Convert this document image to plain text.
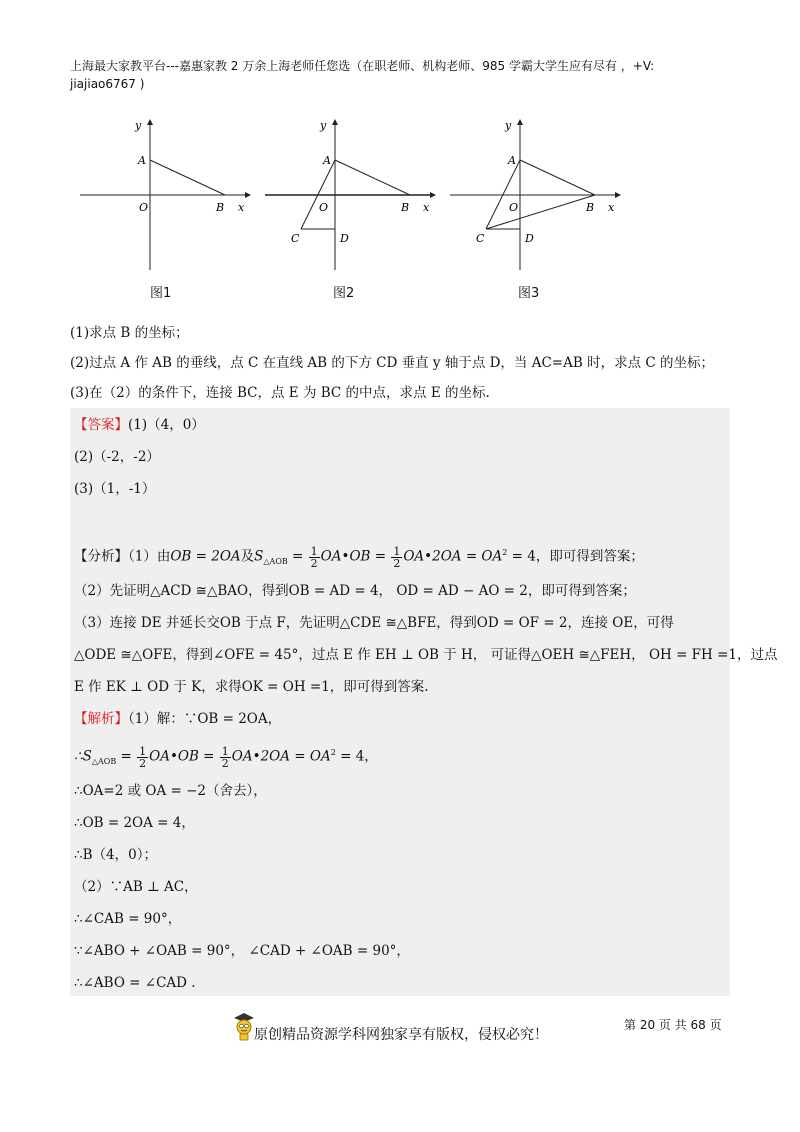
上海最大家教平台---嘉惠家教 2 万余上海老师任您选（在职老师、机构老师、985 学霸大学生应有尽有 ，+V:
jiajiao6767 )
y
x
A
O	B
图1
y
x
A
O	B
C	D
图2
y
x
A
O	B
C	D
图3
(1)求点 B 的坐标；
(2)过点 A 作 AB 的垂线，点 C 在直线 AB 的下方 CD 垂直 y 轴于点 D，当 AC=AB 时，求点 C 的坐标；
(3)在（2）的条件下，连接 BC，点 E 为 BC 的中点，求点 E 的坐标.
【答案】(1)（4，0）
(2)（-2，-2）
(3)（1，-1）
【分析】（1）由OB = 2OA及$S_{\triangle AOB} = \frac{1}{2}$ OA•OB = $\frac{1}{2}$ OA•2OA = $OA^2 = 4$，即可得到答案；
（2）先证明△ACD ≅△BAO，得到OB = AD = 4， OD = AD − AO = 2，即可得到答案；
（3）连接 DE 并延长交OB 于点 F，先证明△CDE ≅△BFE，得到OD = OF = 2，连接 OE，可得
△ODE ≅△OFE，得到∠OFE = 45°，过点 E 作 EH ⊥ OB 于 H， 可证得△OEH ≅△FEH， OH = FH =1，过点
E 作 EK ⊥ OD 于 K，求得OK = OH =1，即可得到答案.
【解析】（1）解：∵OB = 2OA，
$\therefore S_{\triangle AOB} = \frac{1}{2}$ OA•OB = $\frac{1}{2}$ OA•2OA = $OA^2 = 4$，
∴OA=2 或 OA = −2（舍去），
∴OB = 2OA = 4，
∴B（4，0）；
（2）∵AB ⊥ AC，
∴∠CAB = 90°，
∵∠ABO + ∠OAB = 90°， ∠CAD + ∠OAB = 90°，
∴∠ABO = ∠CAD .
原创精品资源学科网独家享有版权，侵权必究！
第 20 页 共 68 页
